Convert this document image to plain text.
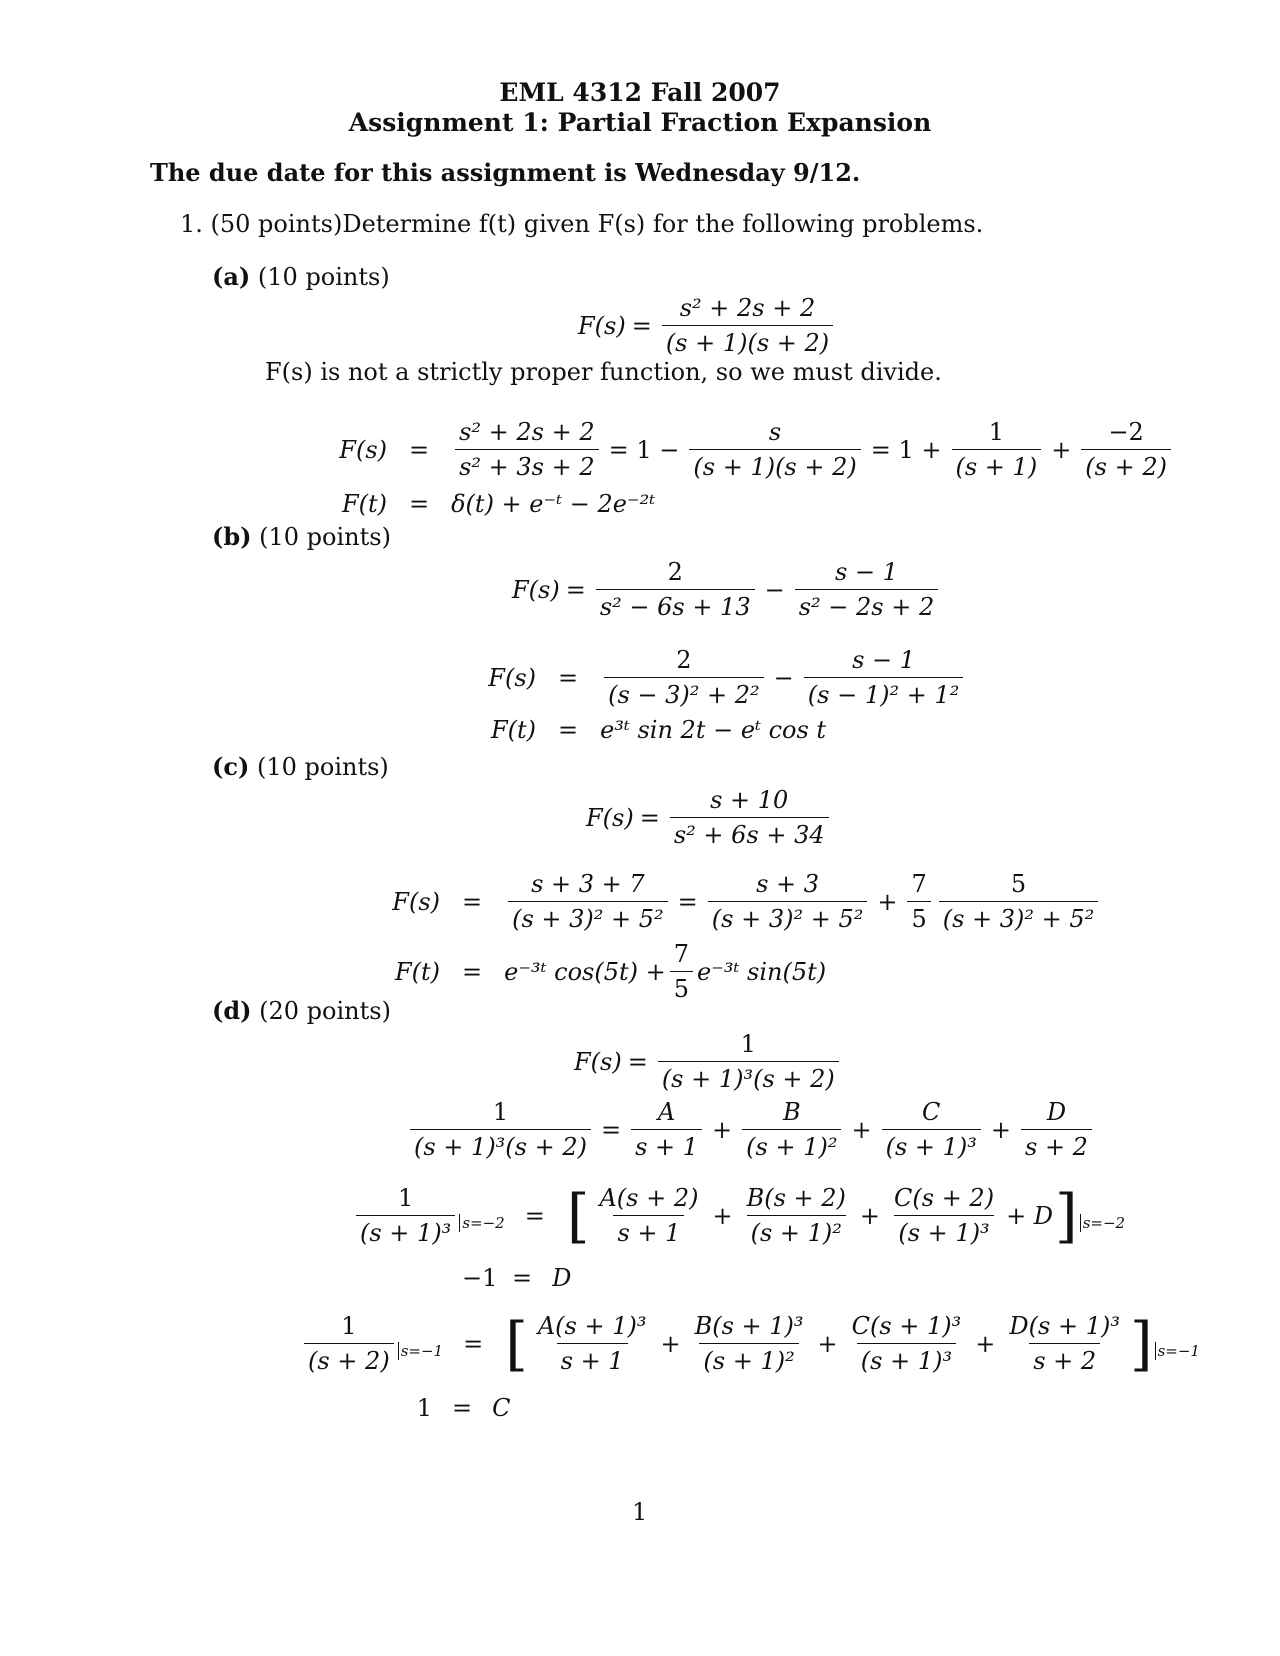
EML 4312 Fall 2007
Assignment 1: Partial Fraction Expansion
The due date for this assignment is Wednesday 9/12.
1. (50 points)Determine f(t) given F(s) for the following problems.
(a) (10 points)
$F(s) = \frac{\text{s² + 2s + 2}}{(s + 1)(s + 2)}$
F(s) is not a strictly proper function, so we must divide.
$F(s) = \frac{\text{s² + 2s + 2}}{\text{s² + 3s + 2}} = 1 - \frac{s}{(s + 1)(s + 2)} = 1 + \frac{1}{(s + 1)} + \frac{-2}{(s + 2)}$
F(t) = δ(t) + e⁻ᵗ − 2e⁻²ᵗ
(b) (10 points)
$F(s) = \frac{2}{\text{s² − 6s + 13}} - \frac{s - 1}{\text{s² − 2s + 2}}$
$F(s) = \frac{2}{\text{(s − 3)² + 2²}} - \frac{s - 1}{\text{(s − 1)² + 1²}}$
F(t) = e³ᵗ sin 2t − eᵗ cos t
(c) (10 points)
$F(s) = \frac{s + 10}{\text{s² + 6s + 34}}$
$F(s) = \frac{s + 3 + 7}{\text{(s + 3)² + 5²}} = \frac{s + 3}{\text{(s + 3)² + 5²}} + \frac{7}{5} \frac{5}{\text{(s + 3)² + 5²}}$
F(t) = e⁻³ᵗ $\cos(5t) + \frac{7}{5}$ e⁻³ᵗ sin(5t)
(d) (20 points)
$F(s) = \frac{1}{\text{(s + 1)³(s + 2)}}$
$\frac{1}{\text{(s + 1)³(s + 2)}} = \frac{A}{s + 1} + \frac{B}{\text{(s + 1)²}} + \frac{C}{\text{(s + 1)³}} + \frac{D}{s + 2}$
$\frac{1}{\text{(s + 1)³}} s=-2$ = [ $\frac{A(s + 2)}{s + 1} + \frac{B(s + 2)}{\text{(s + 1)²}} + \frac{C(s + 2)}{\text{(s + 1)³}} + D$ ] s=−2
−1 = D
$\frac{1}{(s + 2)} s=-1$ = [ $\frac{\text{A(s + 1)³}}{s + 1} + \frac{\text{B(s + 1)³}}{\text{(s + 1)²}} + \frac{\text{C(s + 1)³}}{\text{(s + 1)³}} + \frac{\text{D(s + 1)³}}{s + 2}$ ] s=−1
1 = C
1
